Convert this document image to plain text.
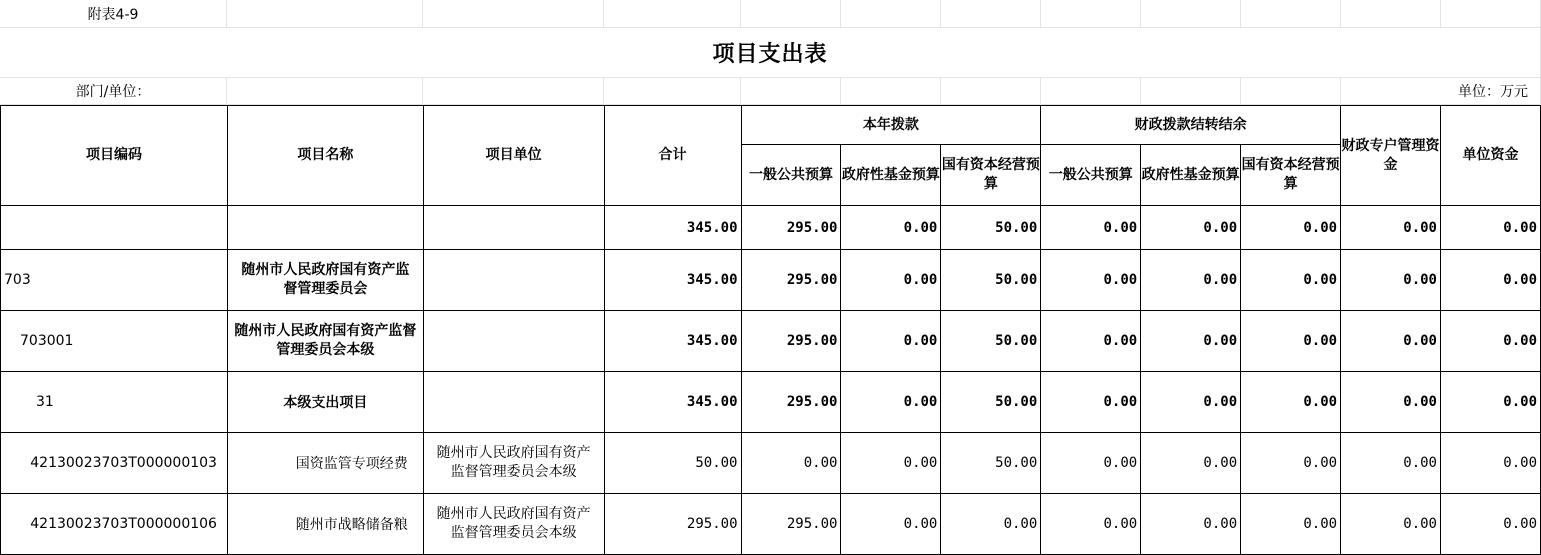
附表4-9
项目支出表
部门/单位：	单位：万元
项目编码	项目名称	项目单位	合计	本年拨款			财政拨款结转结余			财政专户管理资金	单位资金
				一般公共预算	政府性基金预算	国有资本经营预算	一般公共预算	政府性基金预算	国有资本经营预算		
			345.00	295.00	0.00	50.00	0.00	0.00	0.00	0.00	0.00
703	随州市人民政府国有资产监督管理委员会		345.00	295.00	0.00	50.00	0.00	0.00	0.00	0.00	0.00
703001	随州市人民政府国有资产监督管理委员会本级		345.00	295.00	0.00	50.00	0.00	0.00	0.00	0.00	0.00
31	本级支出项目		345.00	295.00	0.00	50.00	0.00	0.00	0.00	0.00	0.00
42130023703T000000103	国资监管专项经费	随州市人民政府国有资产监督管理委员会本级	50.00	0.00	0.00	50.00	0.00	0.00	0.00	0.00	0.00
42130023703T000000106	随州市战略储备粮	随州市人民政府国有资产监督管理委员会本级	295.00	295.00	0.00	0.00	0.00	0.00	0.00	0.00	0.00
